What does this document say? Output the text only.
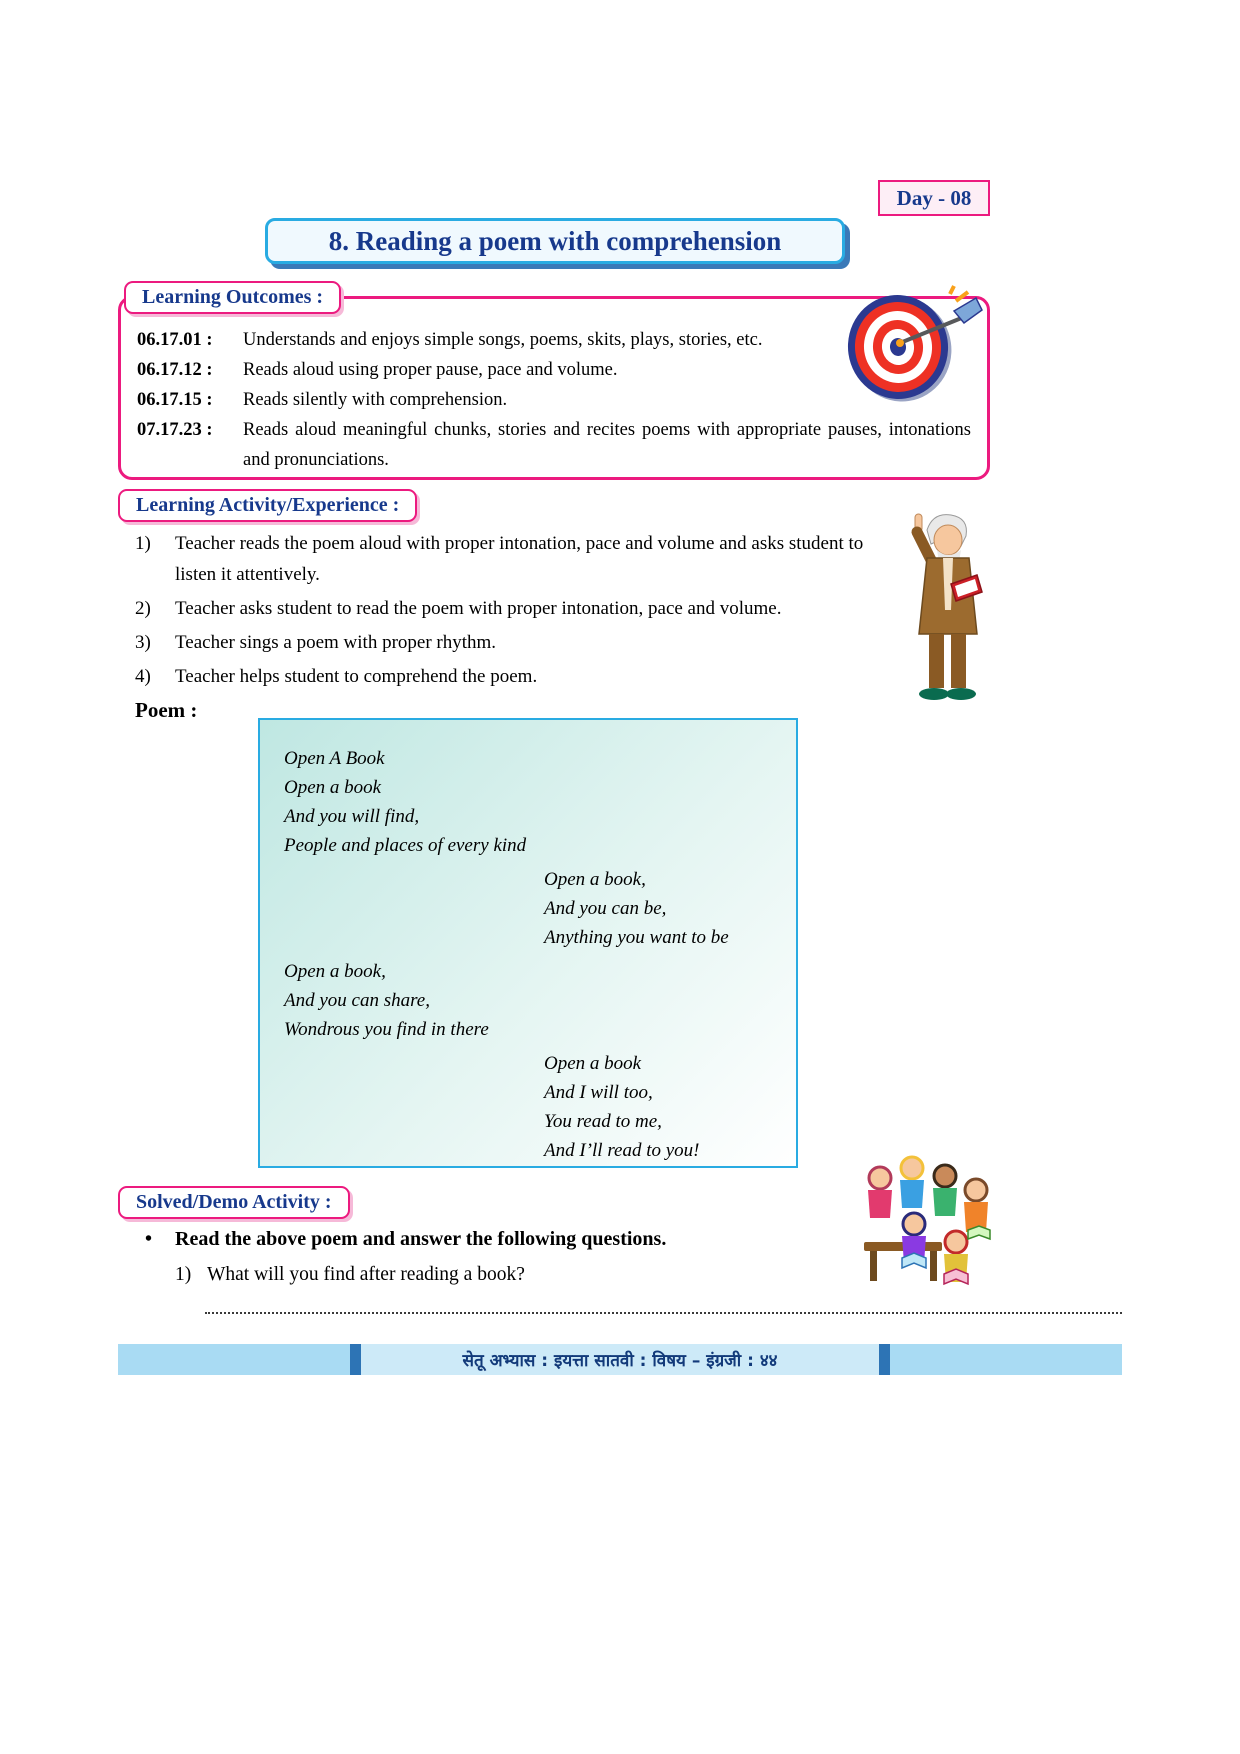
Day - 08
8. Reading a poem with comprehension
Learning Outcomes :
06.17.01 :	Understands and enjoys simple songs, poems, skits, plays, stories, etc.
06.17.12 :	Reads aloud using proper pause, pace and volume.
06.17.15 :	Reads silently with comprehension.
07.17.23 :	Reads aloud meaningful chunks, stories and recites poems with appropriate pauses, intonations and pronunciations.
Learning Activity/Experience :
1)	Teacher reads the poem aloud with proper intonation, pace and volume and asks student to listen it attentively.
2)	Teacher asks student to read the poem with proper intonation, pace and volume.
3)	Teacher sings a poem with proper rhythm.
4)	Teacher helps student to comprehend the poem.
Poem :
Open A Book
Open a book
And you will find,
People and places of every kind
Open a book,
And you can be,
Anything you want to be
Open a book,
And you can share,
Wondrous you find in there
Open a book
And I will too,
You read to me,
And I’ll read to you!
Solved/Demo Activity :
•	Read the above poem and answer the following questions.
1) What will you find after reading a book?
सेतू अभ्यास : इयत्ता सातवी : विषय – इंग्रजी : ४४
